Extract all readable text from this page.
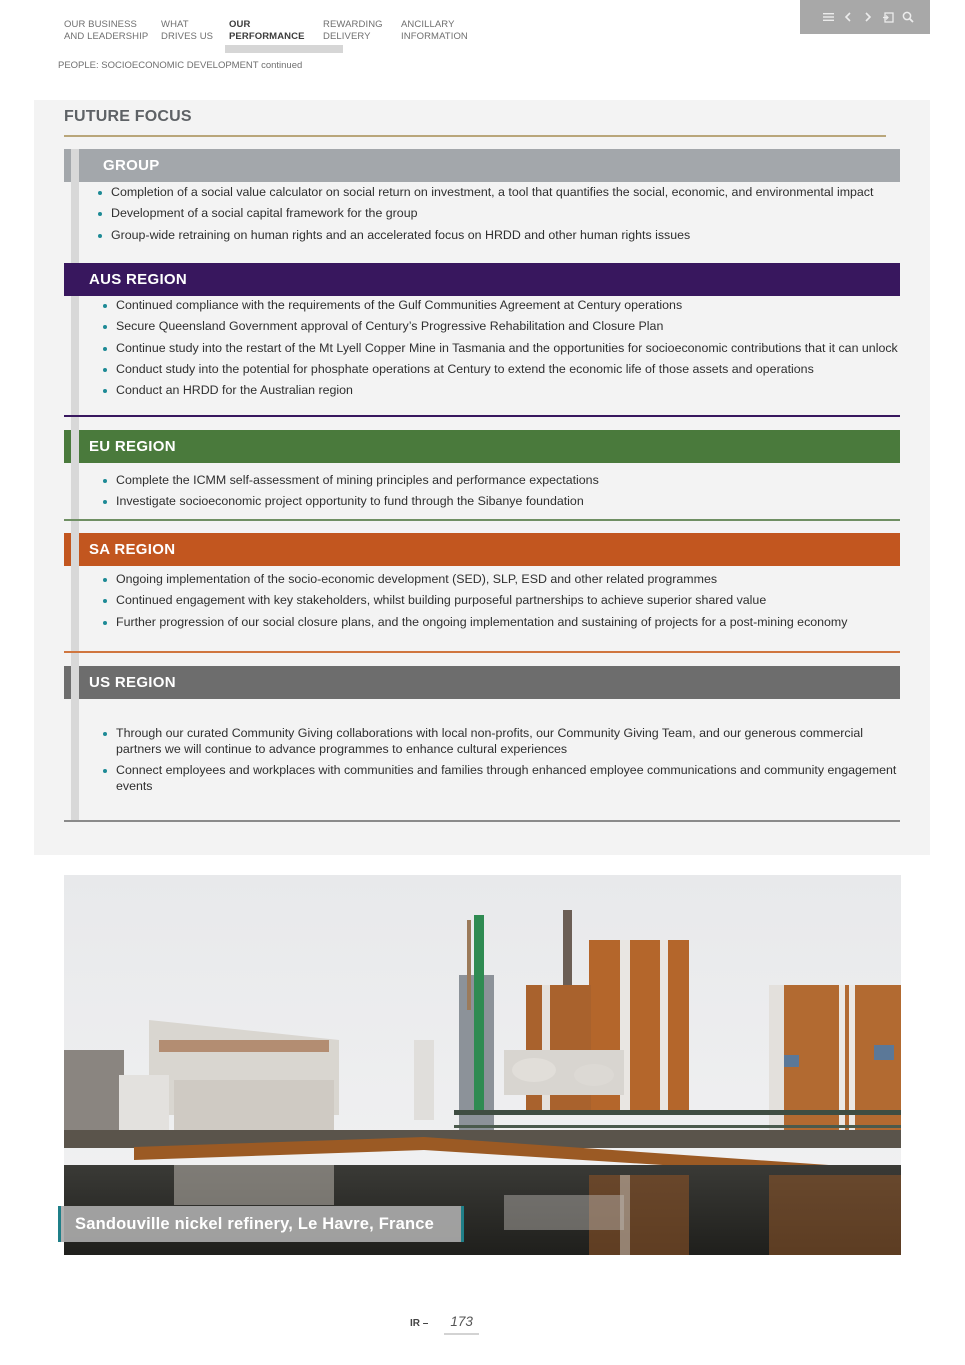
OUR BUSINESS
AND LEADERSHIP
WHAT
DRIVES US
OUR
PERFORMANCE
REWARDING
DELIVERY
ANCILLARY
INFORMATION
PEOPLE: SOCIOECONOMIC DEVELOPMENT continued
FUTURE FOCUS
GROUP
Completion of a social value calculator on social return on investment, a tool that quantifies the social, economic, and environmental impact
Development of a social capital framework for the group
Group-wide retraining on human rights and an accelerated focus on HRDD and other human rights issues
AUS REGION
Continued compliance with the requirements of the Gulf Communities Agreement at Century operations
Secure Queensland Government approval of Century’s Progressive Rehabilitation and Closure Plan
Continue study into the restart of the Mt Lyell Copper Mine in Tasmania and the opportunities for socioeconomic contributions that it can unlock
Conduct study into the potential for phosphate operations at Century to extend the economic life of those assets and operations
Conduct an HRDD for the Australian region
EU REGION
Complete the ICMM self-assessment of mining principles and performance expectations
Investigate socioeconomic project opportunity to fund through the Sibanye foundation
SA REGION
Ongoing implementation of the socio-economic development (SED), SLP, ESD and other related programmes
Continued engagement with key stakeholders, whilst building purposeful partnerships to achieve superior shared value
Further progression of our social closure plans, and the ongoing implementation and sustaining of projects for a post-mining economy
US REGION
Through our curated Community Giving collaborations with local non-profits, our Community Giving Team, and our generous commercial partners we will continue to advance programmes to enhance cultural experiences
Connect employees and workplaces with communities and families through enhanced employee communications and community engagement events
Sandouville nickel refinery, Le Havre, France
IR –	173
